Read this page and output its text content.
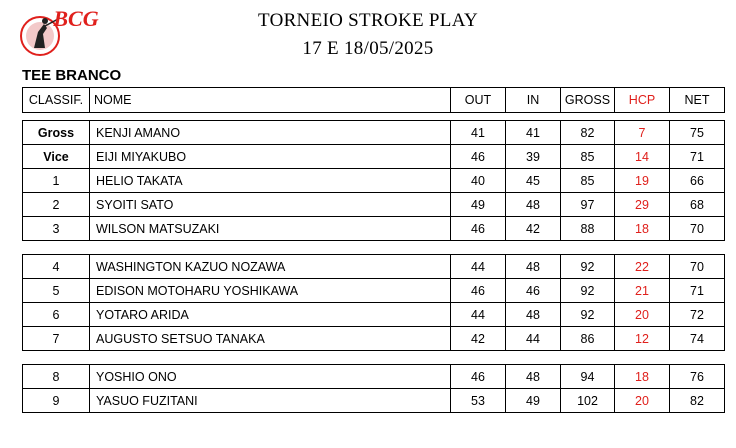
BCG	TORNEIO STROKE PLAY
17 E 18/05/2025
TEE BRANCO
CLASSIF.	NOME	OUT	IN	GROSS	HCP	NET

Gross	KENJI AMANO	41	41	82	7	75
Vice	EIJI MIYAKUBO	46	39	85	14	71
1	HELIO TAKATA	40	45	85	19	66
2	SYOITI SATO	49	48	97	29	68
3	WILSON MATSUZAKI	46	42	88	18	70

4	WASHINGTON KAZUO NOZAWA	44	48	92	22	70
5	EDISON MOTOHARU YOSHIKAWA	46	46	92	21	71
6	YOTARO ARIDA	44	48	92	20	72
7	AUGUSTO SETSUO TANAKA	42	44	86	12	74

8	YOSHIO ONO	46	48	94	18	76
9	YASUO FUZITANI	53	49	102	20	82
